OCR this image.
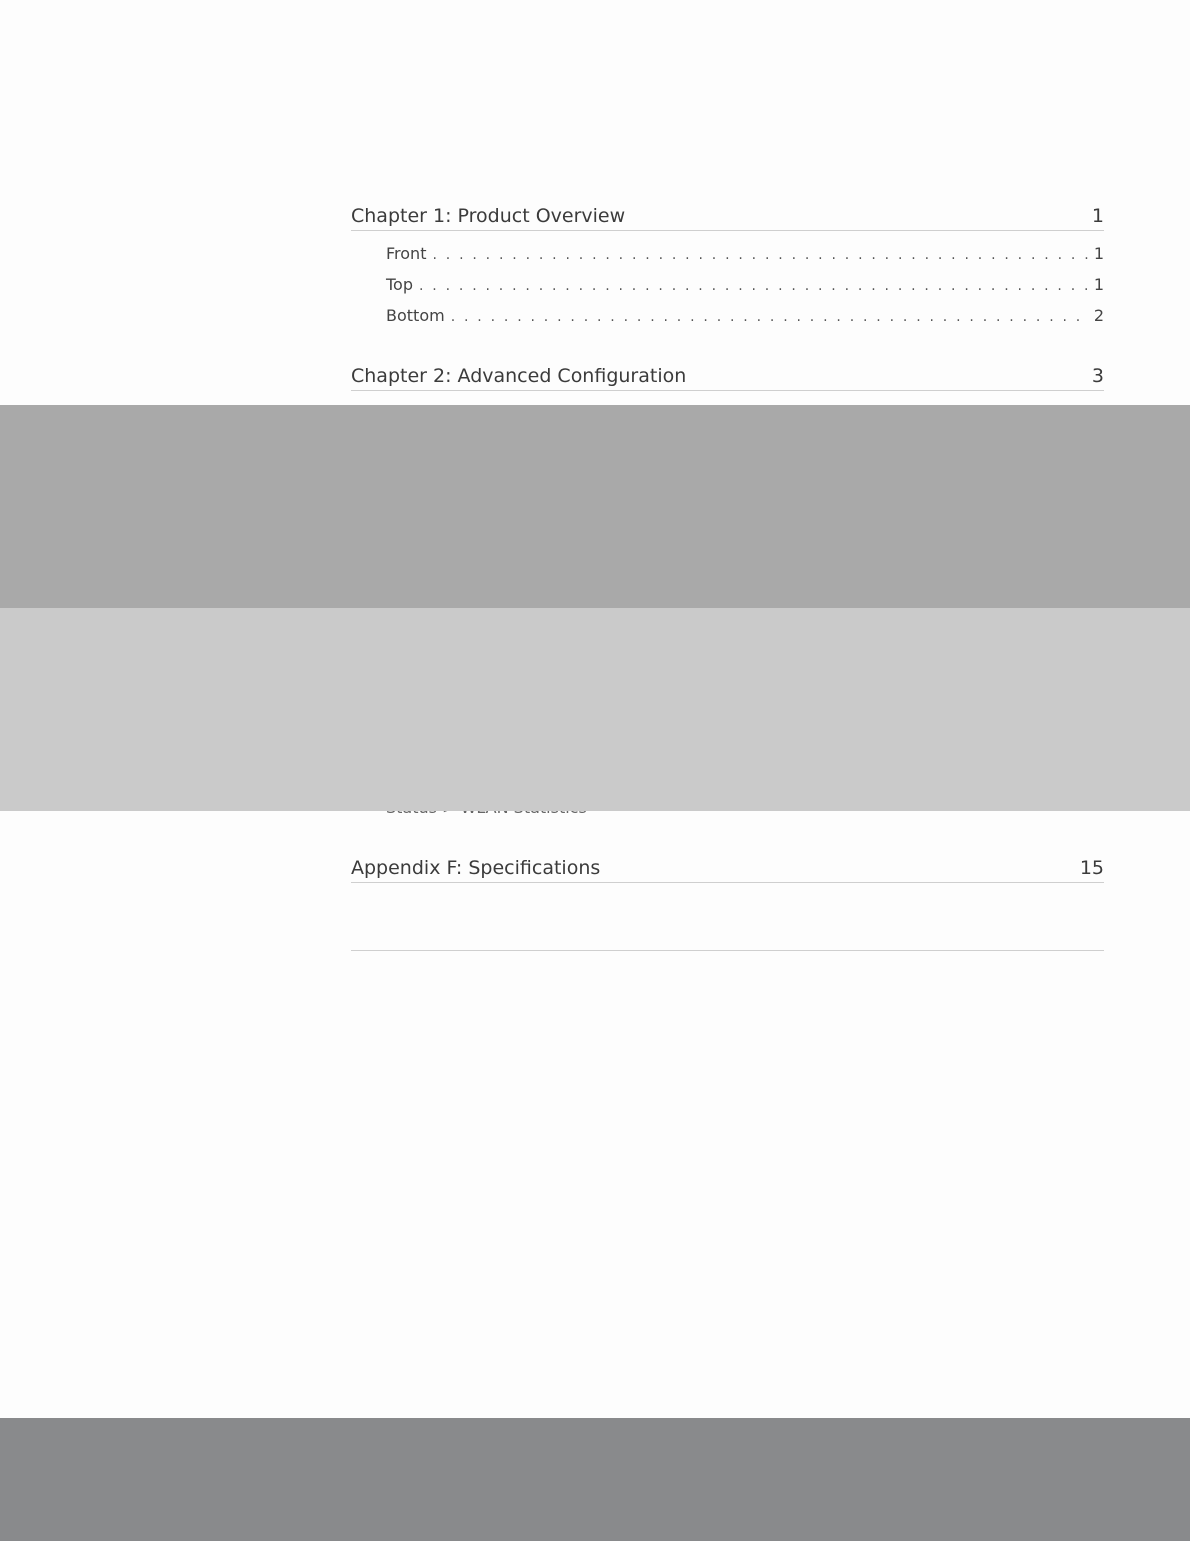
Chapter 1: Product Overview	1
Front . . .	1
Top . . .	1
Bottom . . .	2
Chapter 2: Advanced Configuration	3
Appendix F: Specifications	15
